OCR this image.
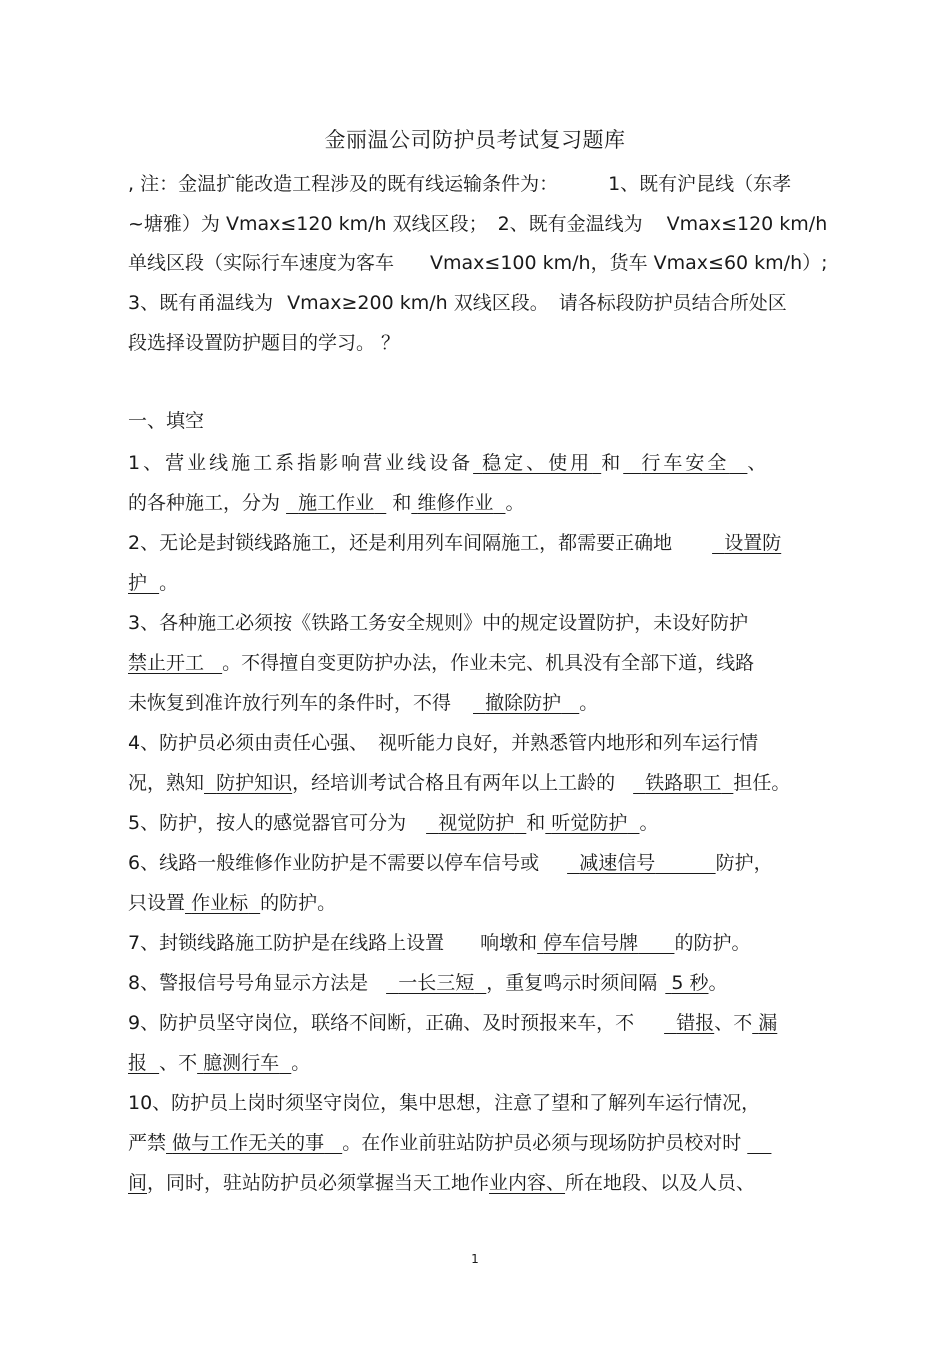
金丽温公司防护员考试复习题库
, 注：金温扩能改造工程涉及的既有线运输条件为：	1、既有沪昆线（东孝
~塘雅）为 Vmax≤120 km/h 双线区段； 2、既有金温线为 Vmax≤120 km/h
单线区段（实际行车速度为客车 Vmax≤100 km/h，货车 Vmax≤60 km/h）;
3、既有甬温线为 Vmax≥200 km/h 双线区段。 请各标段防护员结合所处区
段选择设置防护题目的学习。 ？
一、填空
1、营业线施工系指影响营业线设备 稳定、使用 和 行车安全 、
的各种施工，分为 施工作业 和 维修作业 。
2、无论是封锁线路施工，还是利用列车间隔施工，都需要正确地	设置防
护 。
3、各种施工必须按《铁路工务安全规则》中的规定设置防护，未设好防护
禁止开工 。不得擅自变更防护办法，作业未完、机具没有全部下道，线路
未恢复到准许放行列车的条件时，不得 撤除防护 。
4、防护员必须由责任心强、 视听能力良好，并熟悉管内地形和列车运行情
况，熟知 防护知识，经培训考试合格且有两年以上工龄的 铁路职工 担任。
5、防护，按人的感觉器官可分为 视觉防护 和 听觉防护 。
6、线路一般维修作业防护是不需要以停车信号或 减速信号	防护，
只设置 作业标 的防护。
7、封锁线路施工防护是在线路上设置 响墩和 停车信号牌 的防护。
8、警报信号号角显示方法是 一长三短 ，重复鸣示时须间隔 5 秒。
9、防护员坚守岗位，联络不间断，正确、及时预报来车，不 错报、不 漏
报 、不 臆测行车 。
10、防护员上岗时须坚守岗位，集中思想，注意了望和了解列车运行情况，
严禁 做与工作无关的事 。在作业前驻站防护员必须与现场防护员校对时
间，同时，驻站防护员必须掌握当天工地作业内容、所在地段、以及人员、
1
